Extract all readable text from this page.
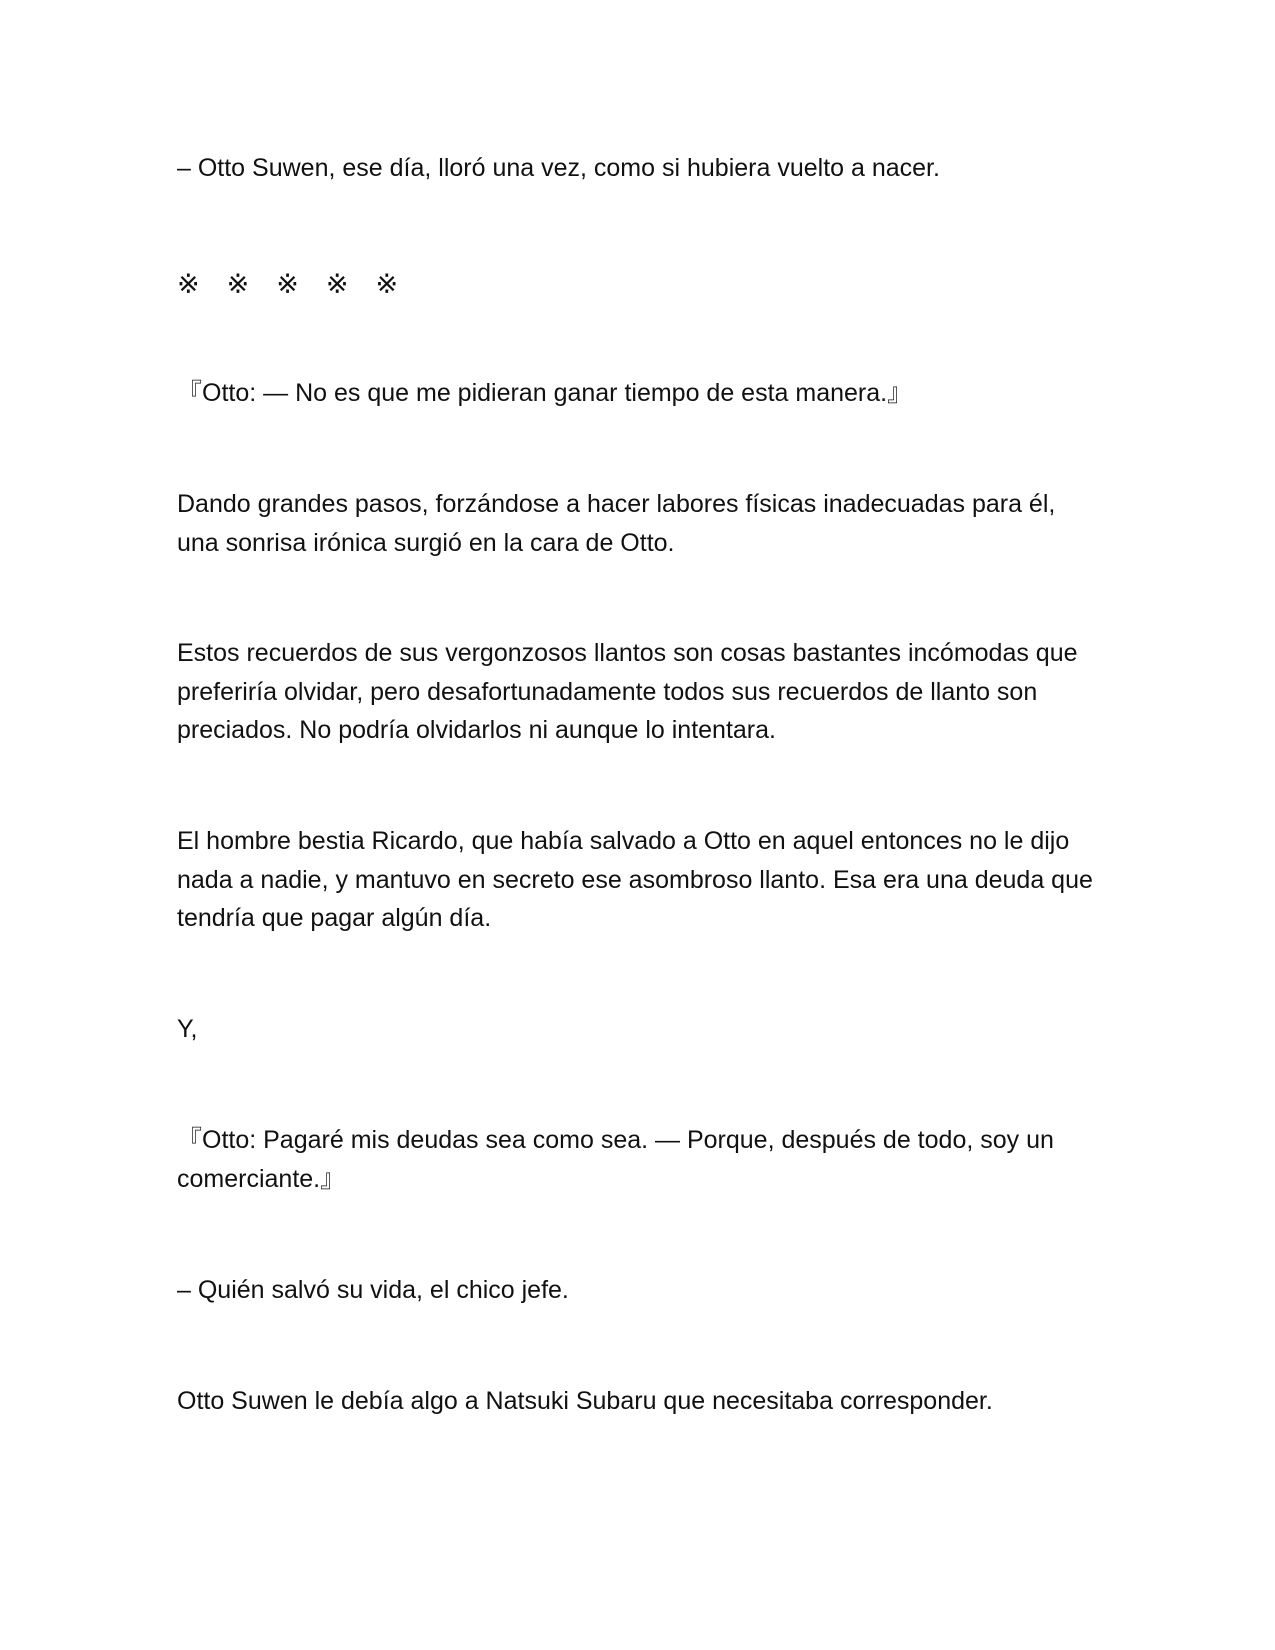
– Otto Suwen, ese día, lloró una vez, como si hubiera vuelto a nacer.

※　※　※　※　※

『Otto: — No es que me pidieran ganar tiempo de esta manera.』

Dando grandes pasos, forzándose a hacer labores físicas inadecuadas para él, una sonrisa irónica surgió en la cara de Otto.

Estos recuerdos de sus vergonzosos llantos son cosas bastantes incómodas que preferiría olvidar, pero desafortunadamente todos sus recuerdos de llanto son preciados. No podría olvidarlos ni aunque lo intentara.

El hombre bestia Ricardo, que había salvado a Otto en aquel entonces no le dijo nada a nadie, y mantuvo en secreto ese asombroso llanto. Esa era una deuda que tendría que pagar algún día.

Y,

『Otto: Pagaré mis deudas sea como sea. — Porque, después de todo, soy un comerciante.』

– Quién salvó su vida, el chico jefe.

Otto Suwen le debía algo a Natsuki Subaru que necesitaba corresponder.
